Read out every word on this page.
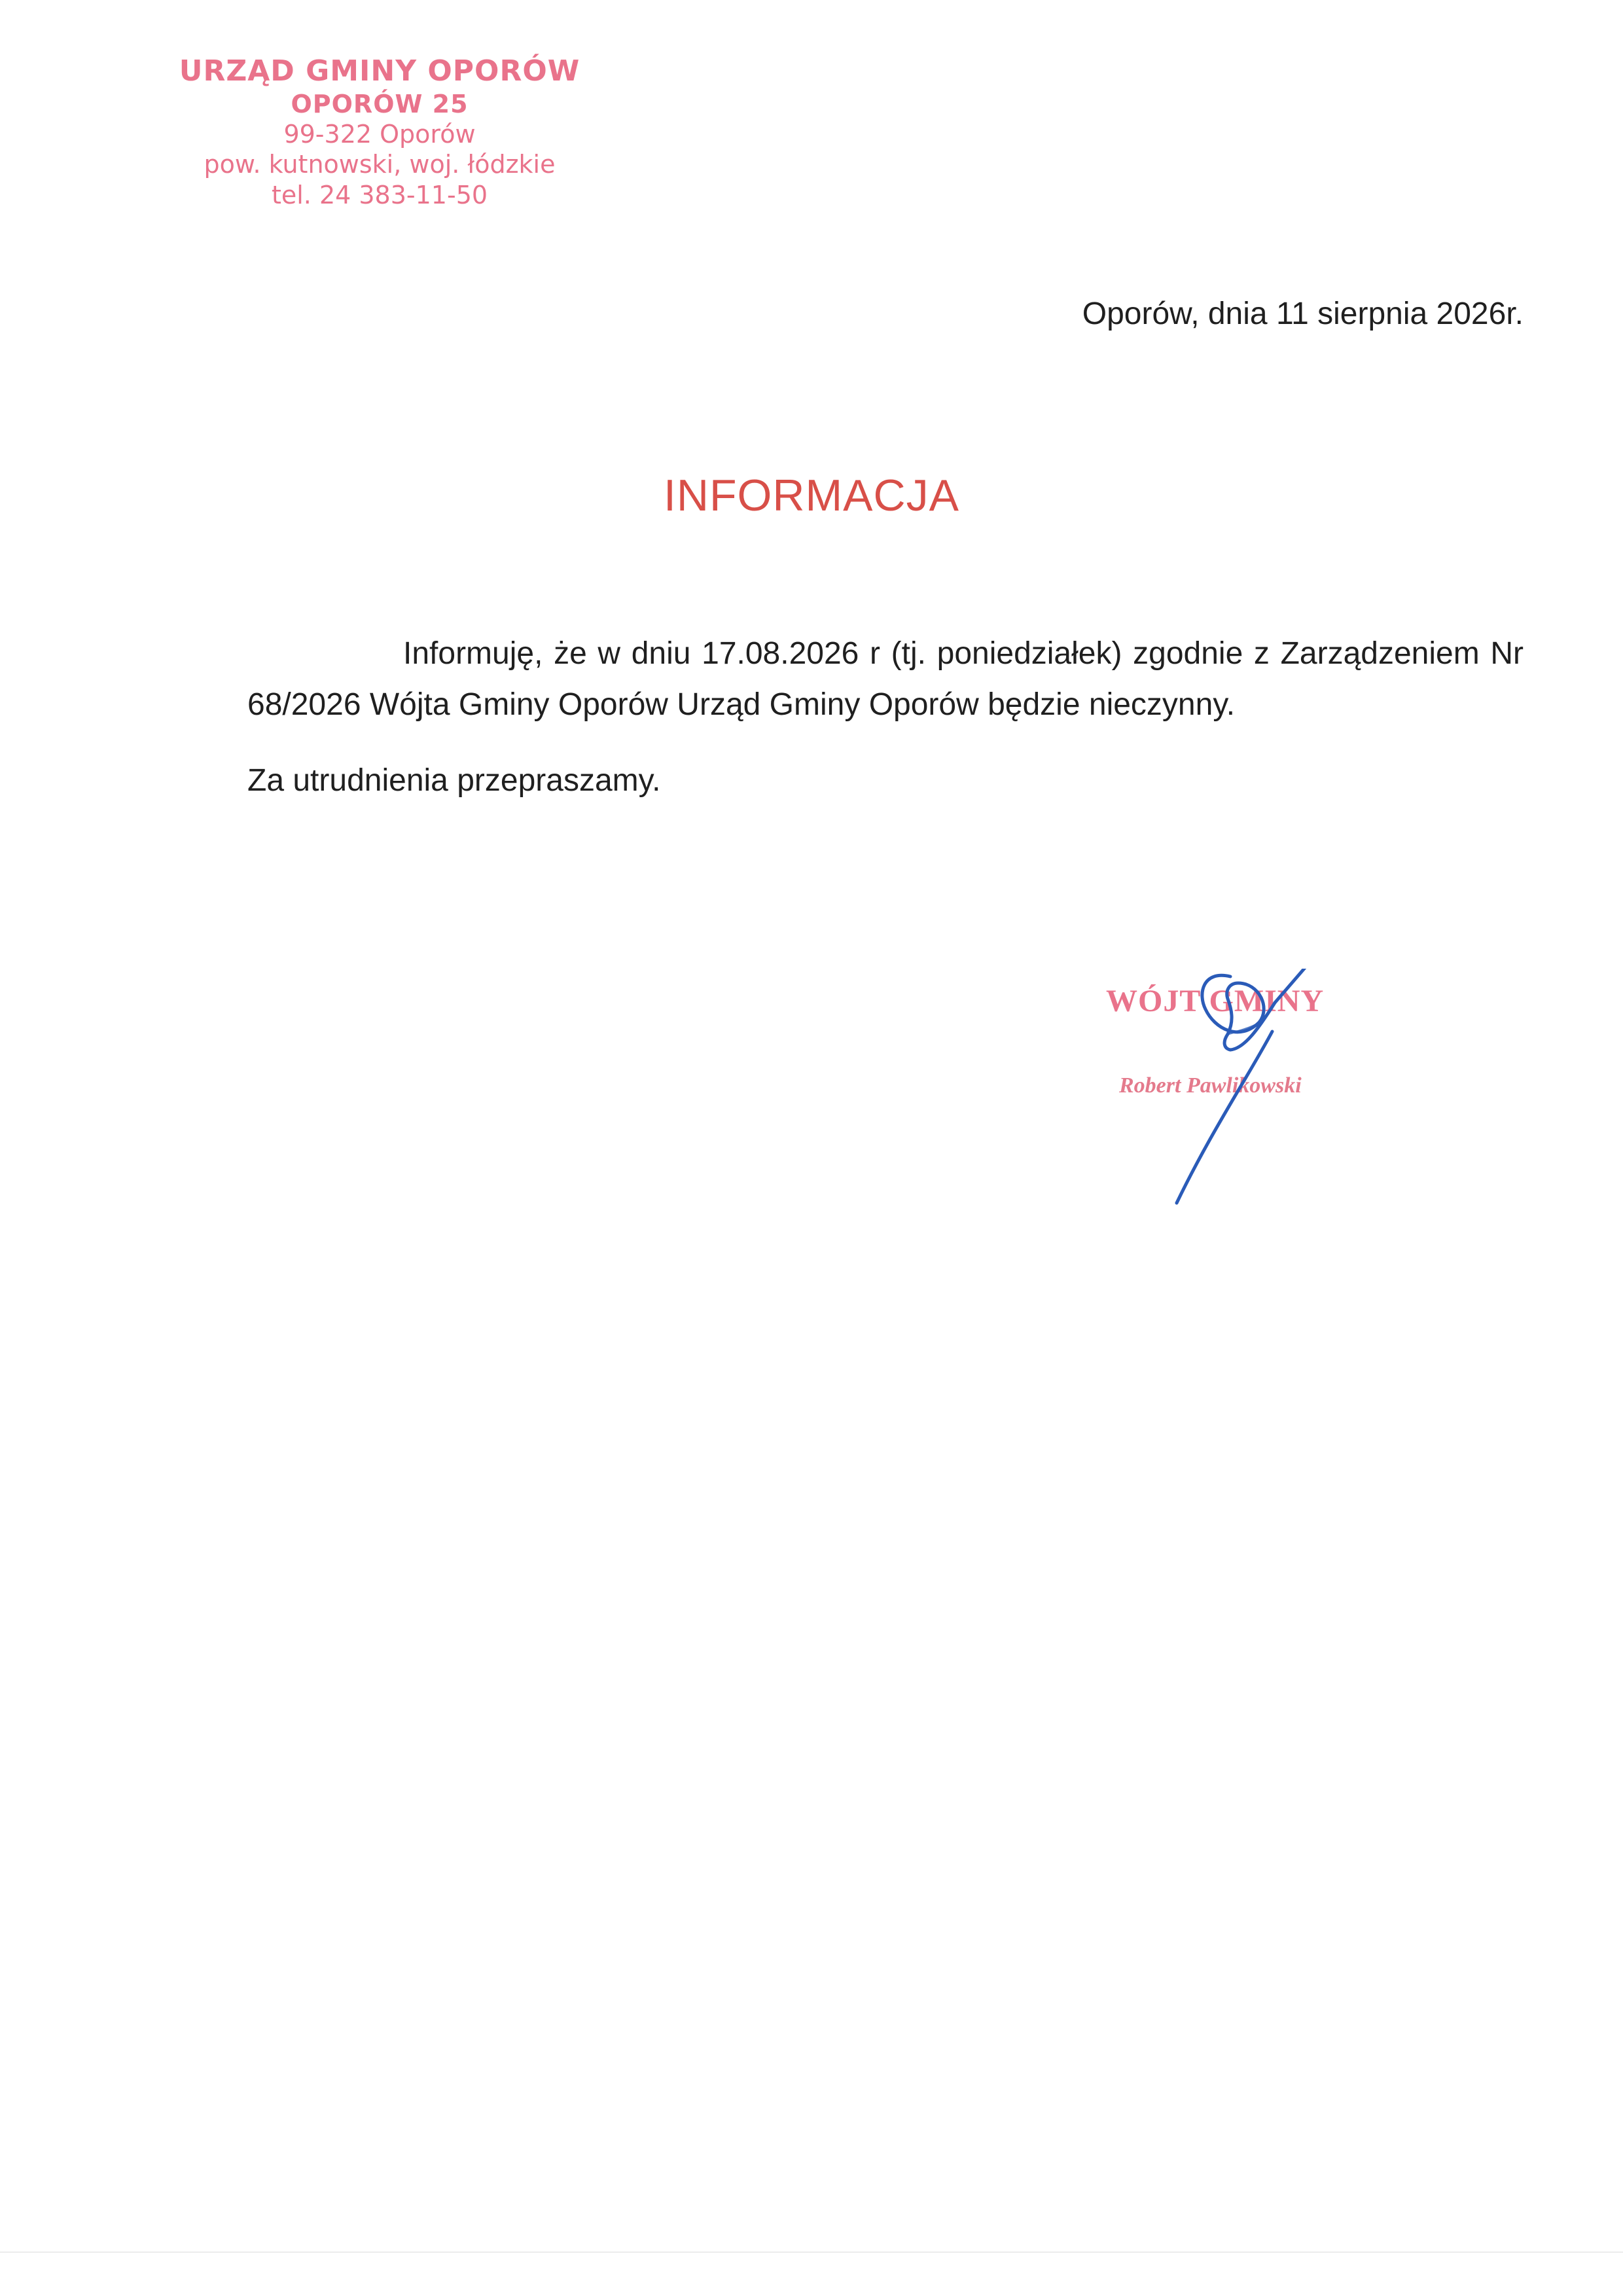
URZĄD GMINY OPORÓW
OPORÓW 25
99-322 Oporów
pow. kutnowski, woj. łódzkie
tel. 24 383-11-50
Oporów, dnia 11 sierpnia 2026r.
INFORMACJA

Informuję, że w dniu 17.08.2026 r (tj. poniedziałek) zgodnie z Zarządzeniem Nr 68/2026 Wójta Gminy Oporów Urząd Gminy Oporów będzie nieczynny.

Za utrudnienia przepraszamy.

WÓJT GMINY
Robert Pawlikowski
